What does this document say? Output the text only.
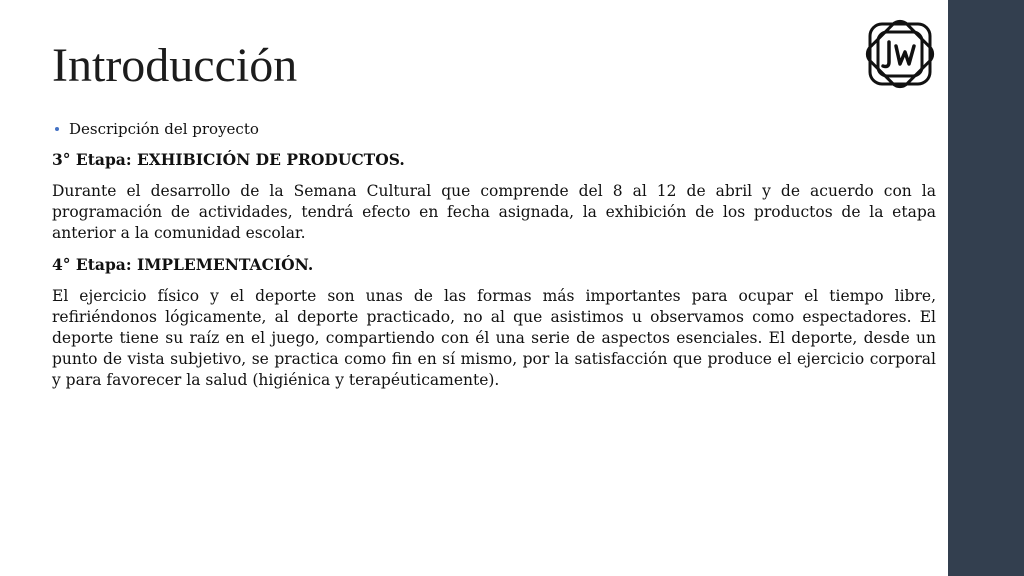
Introducción
Descripción del proyecto

3° Etapa: EXHIBICIÓN DE PRODUCTOS.

Durante el desarrollo de la Semana Cultural que comprende del 8 al 12 de abril y de acuerdo con la programación de actividades, tendrá efecto en fecha asignada, la exhibición de los productos de la etapa anterior a la comunidad escolar.

4° Etapa: IMPLEMENTACIÓN.

El ejercicio físico y el deporte son unas de las formas más importantes para ocupar el tiempo libre, refiriéndonos lógicamente, al deporte practicado, no al que asistimos u observamos como espectadores. El deporte tiene su raíz en el juego, compartiendo con él una serie de aspectos esenciales. El deporte, desde un punto de vista subjetivo, se practica como fin en sí mismo, por la satisfacción que produce el ejercicio corporal y para favorecer la salud (higiénica y terapéuticamente).
